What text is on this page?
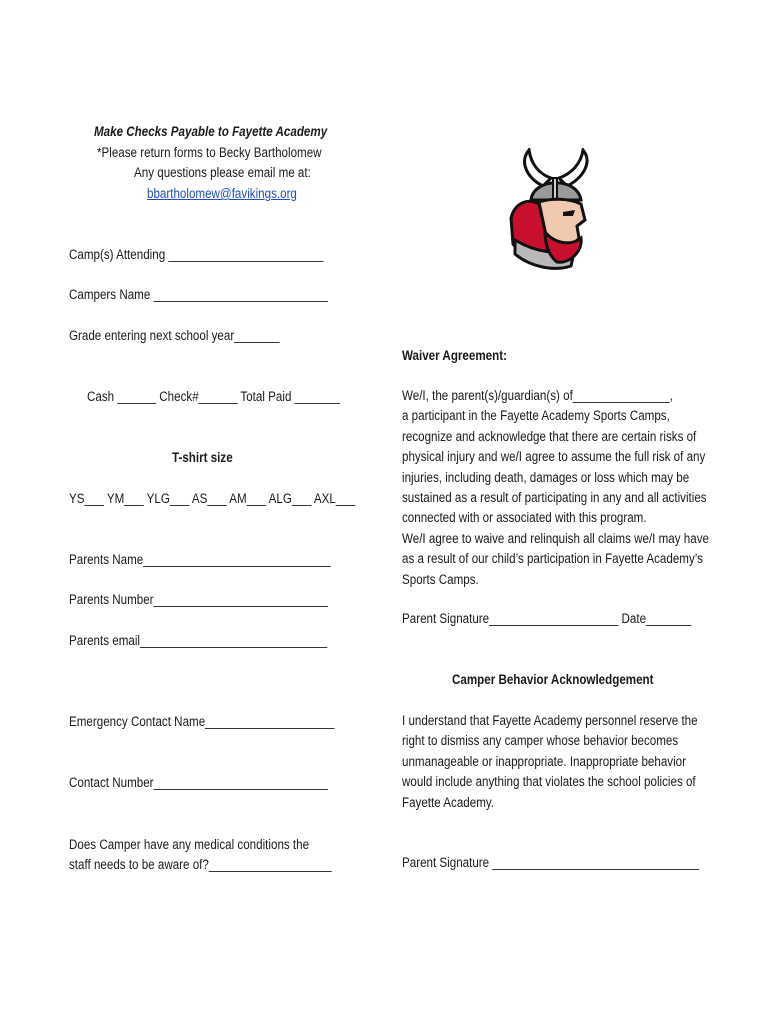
Make Checks Payable to Fayette Academy
*Please return forms to Becky Bartholomew
Any questions please email me at:
bbartholomew@favikings.org
Camp(s) Attending ________________________
Campers Name ___________________________
Grade entering next school year_______
Cash ______ Check#______ Total Paid _______
T-shirt size
YS___ YM___ YLG___ AS___ AM___ ALG___ AXL___
Parents Name_____________________________
Parents Number___________________________
Parents email_____________________________
Emergency Contact Name____________________
Contact Number___________________________
Does Camper have any medical conditions the
staff needs to be aware of?___________________
Waiver Agreement:
We/I, the parent(s)/guardian(s) of_______________,
a participant in the Fayette Academy Sports Camps,
recognize and acknowledge that there are certain risks of
physical injury and we/I agree to assume the full risk of any
injuries, including death, damages or loss which may be
sustained as a result of participating in any and all activities
connected with or associated with this program.
We/I agree to waive and relinquish all claims we/I may have
as a result of our child’s participation in Fayette Academy’s
Sports Camps.
Parent Signature____________________ Date_______
Camper Behavior Acknowledgement
I understand that Fayette Academy personnel reserve the
right to dismiss any camper whose behavior becomes
unmanageable or inappropriate. Inappropriate behavior
would include anything that violates the school policies of
Fayette Academy.
Parent Signature ________________________________
